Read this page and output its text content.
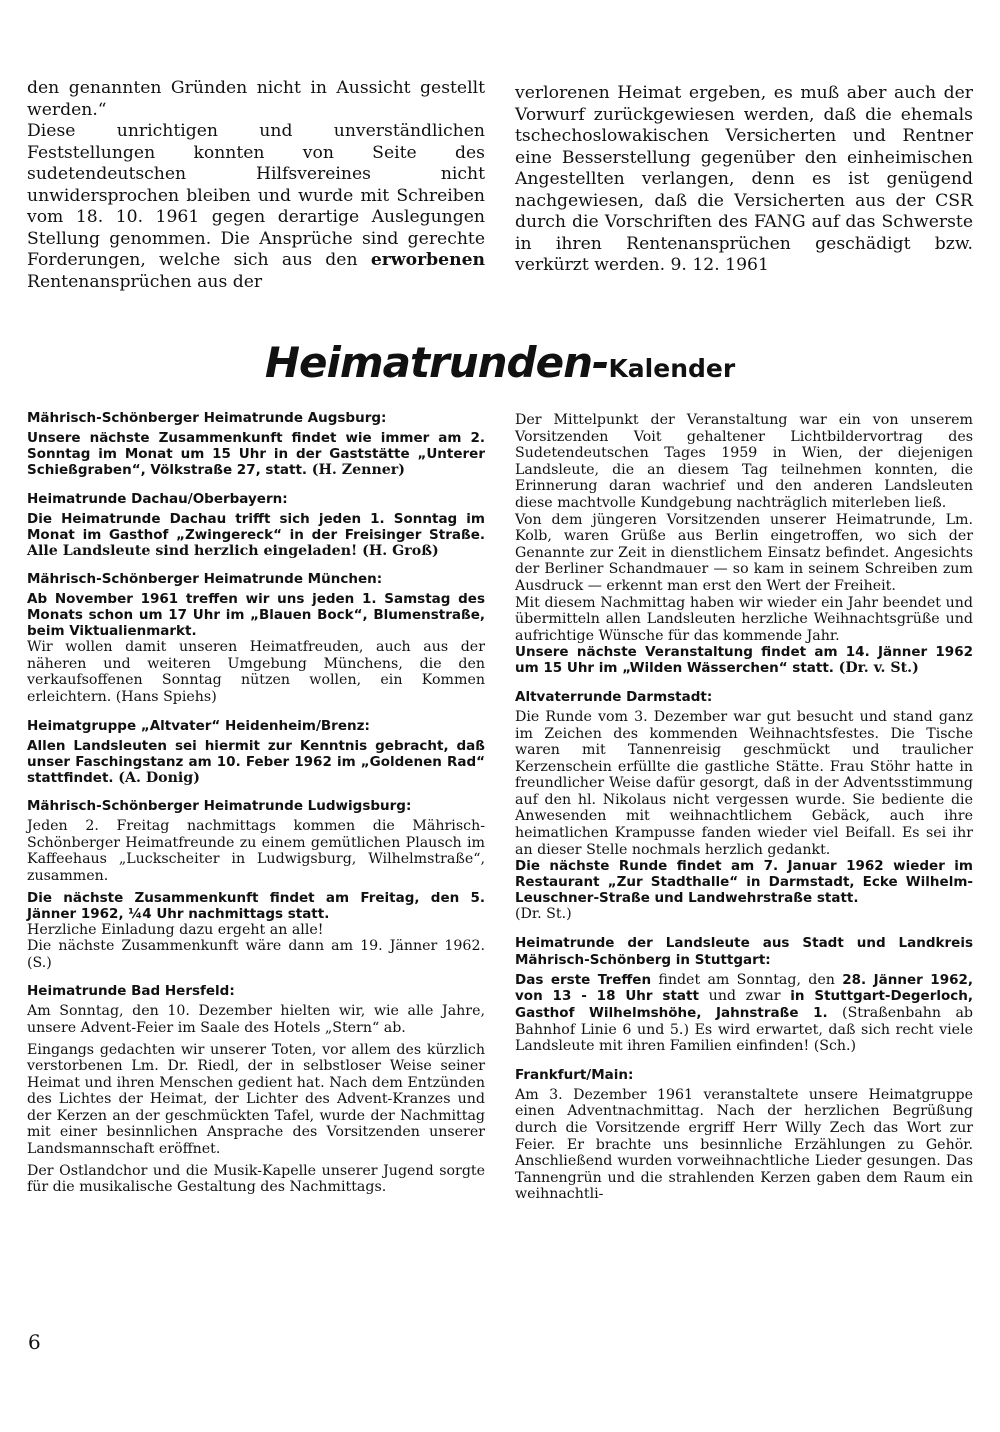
den genannten Gründen nicht in Aussicht gestellt werden.“

Diese unrichtigen und unverständlichen Feststellungen konnten von Seite des sudetendeutschen Hilfsvereines nicht unwidersprochen bleiben und wurde mit Schreiben vom 18. 10. 1961 gegen derartige Auslegungen Stellung genommen. Die Ansprüche sind gerechte Forderungen, welche sich aus den erworbenen Rentenansprüchen aus der

verlorenen Heimat ergeben, es muß aber auch der Vorwurf zurückgewiesen werden, daß die ehemals tschechoslowakischen Versicherten und Rentner eine Besserstellung gegenüber den einheimischen Angestellten verlangen, denn es ist genügend nachgewiesen, daß die Versicherten aus der CSR durch die Vorschriften des FANG auf das Schwerste in ihren Rentenansprüchen geschädigt bzw. verkürzt werden. 9. 12. 1961

Heimatrunden-Kalender

Mährisch-Schönberger Heimatrunde Augsburg:

Unsere nächste Zusammenkunft findet wie immer am 2. Sonntag im Monat um 15 Uhr in der Gaststätte „Unterer Schießgraben“, Völkstraße 27, statt. (H. Zenner)

Heimatrunde Dachau/Oberbayern:

Die Heimatrunde Dachau trifft sich jeden 1. Sonntag im Monat im Gasthof „Zwingereck“ in der Freisinger Straße. Alle Landsleute sind herzlich eingeladen! (H. Groß)

Mährisch-Schönberger Heimatrunde München:

Ab November 1961 treffen wir uns jeden 1. Samstag des Monats schon um 17 Uhr im „Blauen Bock“, Blumenstraße, beim Viktualienmarkt.

Wir wollen damit unseren Heimatfreuden, auch aus der näheren und weiteren Umgebung Münchens, die den verkaufsoffenen Sonntag nützen wollen, ein Kommen erleichtern. (Hans Spiehs)

Heimatgruppe „Altvater“ Heidenheim/Brenz:

Allen Landsleuten sei hiermit zur Kenntnis gebracht, daß unser Faschingstanz am 10. Feber 1962 im „Goldenen Rad“ stattfindet. (A. Donig)

Mährisch-Schönberger Heimatrunde Ludwigsburg:

Jeden 2. Freitag nachmittags kommen die Mährisch-Schönberger Heimatfreunde zu einem gemütlichen Plausch im Kaffeehaus „Luckscheiter in Ludwigsburg, Wilhelmstraße“, zusammen.

Die nächste Zusammenkunft findet am Freitag, den 5. Jänner 1962, ¼4 Uhr nachmittags statt.

Herzliche Einladung dazu ergeht an alle!

Die nächste Zusammenkunft wäre dann am 19. Jänner 1962. (S.)

Heimatrunde Bad Hersfeld:

Am Sonntag, den 10. Dezember hielten wir, wie alle Jahre, unsere Advent-Feier im Saale des Hotels „Stern“ ab.

Eingangs gedachten wir unserer Toten, vor allem des kürzlich verstorbenen Lm. Dr. Riedl, der in selbstloser Weise seiner Heimat und ihren Menschen gedient hat. Nach dem Entzünden des Lichtes der Heimat, der Lichter des Advent-Kranzes und der Kerzen an der geschmückten Tafel, wurde der Nachmittag mit einer besinnlichen Ansprache des Vorsitzenden unserer Landsmannschaft eröffnet.

Der Ostlandchor und die Musik-Kapelle unserer Jugend sorgte für die musikalische Gestaltung des Nachmittags.

Der Mittelpunkt der Veranstaltung war ein von unserem Vorsitzenden Voit gehaltener Lichtbildervortrag des Sudetendeutschen Tages 1959 in Wien, der diejenigen Landsleute, die an diesem Tag teilnehmen konnten, die Erinnerung daran wachrief und den anderen Landsleuten diese machtvolle Kundgebung nachträglich miterleben ließ.

Von dem jüngeren Vorsitzenden unserer Heimatrunde, Lm. Kolb, waren Grüße aus Berlin eingetroffen, wo sich der Genannte zur Zeit in dienstlichem Einsatz befindet. Angesichts der Berliner Schandmauer — so kam in seinem Schreiben zum Ausdruck — erkennt man erst den Wert der Freiheit.

Mit diesem Nachmittag haben wir wieder ein Jahr beendet und übermitteln allen Landsleuten herzliche Weihnachtsgrüße und aufrichtige Wünsche für das kommende Jahr.

Unsere nächste Veranstaltung findet am 14. Jänner 1962 um 15 Uhr im „Wilden Wässerchen“ statt. (Dr. v. St.)

Altvaterrunde Darmstadt:

Die Runde vom 3. Dezember war gut besucht und stand ganz im Zeichen des kommenden Weihnachtsfestes. Die Tische waren mit Tannenreisig geschmückt und traulicher Kerzenschein erfüllte die gastliche Stätte. Frau Stöhr hatte in freundlicher Weise dafür gesorgt, daß in der Adventsstimmung auf den hl. Nikolaus nicht vergessen wurde. Sie bediente die Anwesenden mit weihnachtlichem Gebäck, auch ihre heimatlichen Krampusse fanden wieder viel Beifall. Es sei ihr an dieser Stelle nochmals herzlich gedankt.

Die nächste Runde findet am 7. Januar 1962 wieder im Restaurant „Zur Stadthalle“ in Darmstadt, Ecke Wilhelm-Leuschner-Straße und Landwehrstraße statt.

(Dr. St.)

Heimatrunde der Landsleute aus Stadt und Landkreis Mährisch-Schönberg in Stuttgart:

Das erste Treffen findet am Sonntag, den 28. Jänner 1962, von 13 - 18 Uhr statt und zwar in Stuttgart-Degerloch, Gasthof Wilhelmshöhe, Jahnstraße 1. (Straßenbahn ab Bahnhof Linie 6 und 5.) Es wird erwartet, daß sich recht viele Landsleute mit ihren Familien einfinden! (Sch.)

Frankfurt/Main:

Am 3. Dezember 1961 veranstaltete unsere Heimatgruppe einen Adventnachmittag. Nach der herzlichen Begrüßung durch die Vorsitzende ergriff Herr Willy Zech das Wort zur Feier. Er brachte uns besinnliche Erzählungen zu Gehör. Anschließend wurden vorweihnachtliche Lieder gesungen. Das Tannengrün und die strahlenden Kerzen gaben dem Raum ein weihnachtli-

6
